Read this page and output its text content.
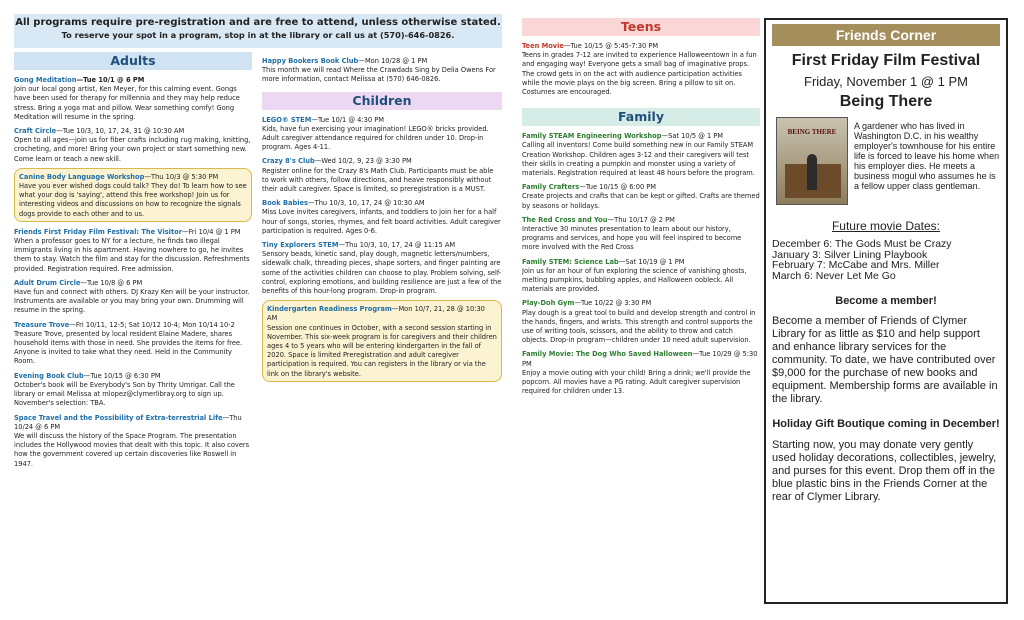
All programs require pre-registration and are free to attend, unless otherwise stated.
To reserve your spot in a program, stop in at the library or call us at (570)-646-0826.
Adults
Gong Meditation—Tue 10/1 @ 6 PM
Join our local gong artist, Ken Meyer, for this calming event. Gongs have been used for therapy for millennia and they may help reduce stress. Bring a yoga mat and pillow. Wear something comfy! Gong Meditation will resume in the spring.
Craft Circle—Tue 10/3, 10, 17, 24, 31 @ 10:30 AM
Open to all ages—join us for fiber crafts including rug making, knitting, crocheting, and more! Bring your own project or start something new. Come learn or teach a new skill.
Canine Body Language Workshop—Thu 10/3 @ 5:30 PM
Have you ever wished dogs could talk? They do! To learn how to see what your dog is 'saying', attend this free workshop! Join us for interesting videos and discussions on how to recognize the signals dogs provide to each other and to us.
Friends First Friday Film Festival: The Visitor—Fri 10/4 @ 1 PM
When a professor goes to NY for a lecture, he finds two illegal immigrants living in his apartment. Having nowhere to go, he invites them to stay. Watch the film and stay for the discussion. Refreshments provided. Registration required. Free admission.
Adult Drum Circle—Tue 10/8 @ 6 PM
Have fun and connect with others. DJ Krazy Ken will be your instructor. Instruments are available or you may bring your own. Drumming will resume in the spring.
Treasure Trove—Fri 10/11, 12-5; Sat 10/12 10-4; Mon 10/14 10-2
Treasure Trove, presented by local resident Elaine Madere, shares household items with those in need. She provides the items for free. Anyone is invited to take what they need. Held in the Community Room.
Evening Book Club—Tue 10/15 @ 6:30 PM
October's book will be Everybody's Son by Thrity Umrigar. Call the library or email Melissa at mlopez@clymerlibray.org to sign up. November's selection: TBA.
Space Travel and the Possibility of Extra-terrestrial Life—Thu 10/24 @ 6 PM
We will discuss the history of the Space Program. The presentation includes the Hollywood movies that dealt with this topic. It also covers how the government covered up certain discoveries like Roswell in 1947.
Happy Bookers Book Club—Mon 10/28 @ 1 PM
This month we will read Where the Crawdads Sing by Delia Owens For more information, contact Melissa at (570) 646-0826.
Children
LEGO® STEM—Tue 10/1 @ 4:30 PM
Kids, have fun exercising your imagination! LEGO® bricks provided. Adult caregiver attendance required for children under 10. Drop-in program. Ages 4-11.
Crazy 8's Club—Wed 10/2, 9, 23 @ 3:30 PM
Register online for the Crazy 8's Math Club. Participants must be able to work with others, follow directions, and heave responsibly without their adult caregiver. Space is limited, so preregistration is a MUST.
Book Babies—Thu 10/3, 10, 17, 24 @ 10:30 AM
Miss Love invites caregivers, infants, and toddlers to join her for a half hour of songs, stories, rhymes, and felt board activities. Adult caregiver participation is required. Ages 0-6.
Tiny Explorers STEM—Thu 10/3, 10, 17, 24 @ 11:15 AM
Sensory beads, kinetic sand, play dough, magnetic letters/numbers, sidewalk chalk, threading pieces, shape sorters, and finger painting are some of the activities children can choose to play. Problem solving, self-control, exploring emotions, and building resilience are just a few of the benefits of this hour-long program. Drop-in program.
Kindergarten Readiness Program—Mon 10/7, 21, 28 @ 10:30 AM
Session one continues in October, with a second session starting in November. This six-week program is for caregivers and their children ages 4 to 5 years who will be entering kindergarten in the fall of 2020. Space is limited Preregistration and adult caregiver participation is required. You can registers in the library or via the link on the library's website.
Teens
Teen Movie—Tue 10/15 @ 5:45-7:30 PM
Teens in grades 7-12 are invited to experience Halloweentown in a fun and engaging way! Everyone gets a small bag of imaginative props. The crowd gets in on the act with audience participation activities while the movie plays on the big screen. Bring a pillow to sit on. Costumes are encouraged.
Family
Family STEAM Engineering Workshop—Sat 10/5 @ 1 PM
Calling all inventors! Come build something new in our Family STEAM Creation Workshop. Children ages 3-12 and their caregivers will test their skills in creating a pumpkin and monster using a variety of materials. Registration required at least 48 hours before the program.
Family Crafters—Tue 10/15 @ 6:00 PM
Create projects and crafts that can be kept or gifted. Crafts are themed by seasons or holidays.
The Red Cross and You—Thu 10/17 @ 2 PM
Interactive 30 minutes presentation to learn about our history, programs and services, and hope you will feel inspired to become more involved with the Red Cross
Family STEM: Science Lab—Sat 10/19 @ 1 PM
Join us for an hour of fun exploring the science of vanishing ghosts, melting pumpkins, bubbling apples, and Halloween oobleck. All materials are provided.
Play-Doh Gym—Tue 10/22 @ 3:30 PM
Play dough is a great tool to build and develop strength and control in the hands, fingers, and wrists. This strength and control supports the use of writing tools, scissors, and the ability to throw and catch objects. Drop-in program—children under 10 need adult supervision.
Family Movie: The Dog Who Saved Halloween—Tue 10/29 @ 5:30 PM
Enjoy a movie outing with your child! Bring a drink; we'll provide the popcorn. All movies have a PG rating. Adult caregiver supervision required for children under 13.
Friends Corner
First Friday Film Festival
Friday, November 1 @ 1 PM
Being There
BEING THERE
A gardener who has lived in Washington D.C. in his wealthy employer's townhouse for his entire life is forced to leave his home when his employer dies. He meets a business mogul who assumes he is a fellow upper class gentleman.
Future movie Dates:
December 6: The Gods Must be Crazy
January 3: Silver Lining Playbook
February 7: McCabe and Mrs. Miller
March 6: Never Let Me Go
Become a member!
Become a member of Friends of Clymer Library for as little as $10 and help support and enhance library services for the community. To date, we have contributed over $9,000 for the purchase of new books and equipment. Membership forms are available in the library.
Holiday Gift Boutique coming in December!
Starting now, you may donate very gently used holiday decorations, collectibles, jewelry, and purses for this event. Drop them off in the blue plastic bins in the Friends Corner at the rear of Clymer Library.
